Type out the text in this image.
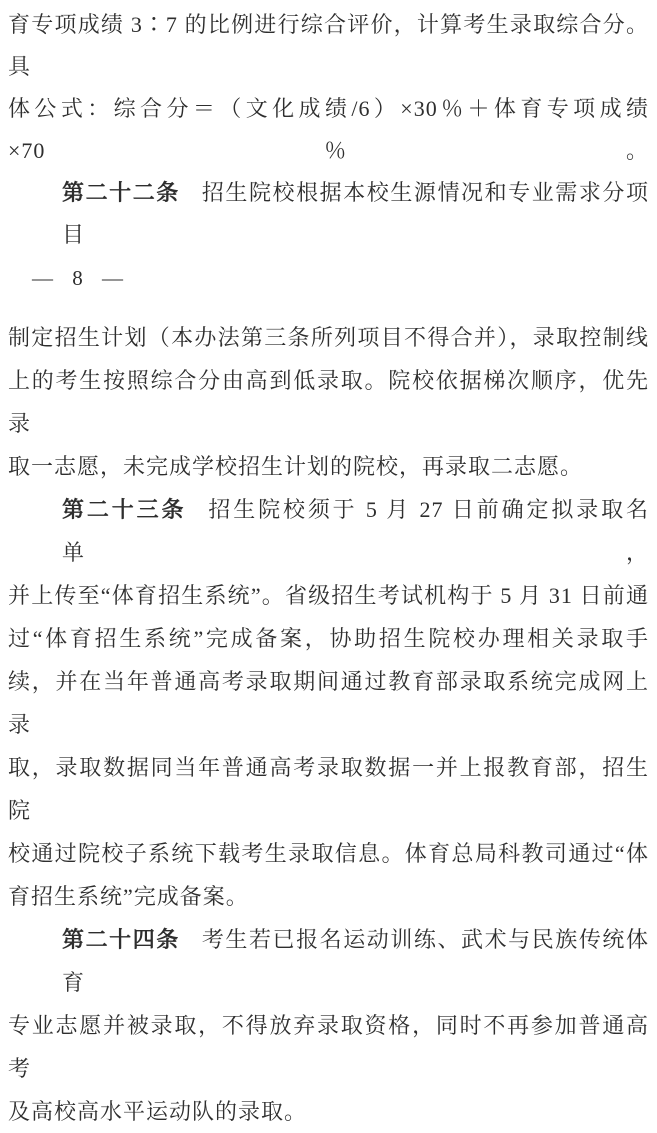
育专项成绩 3∶7 的比例进行综合评价，计算考生录取综合分。具
体公式：综合分＝（文化成绩/6）×30％＋体育专项成绩×70％。
第二十二条 招生院校根据本校生源情况和专业需求分项目
— 8 —
制定招生计划（本办法第三条所列项目不得合并），录取控制线
上的考生按照综合分由高到低录取。院校依据梯次顺序，优先录
取一志愿，未完成学校招生计划的院校，再录取二志愿。
第二十三条 招生院校须于 5 月 27 日前确定拟录取名单，
并上传至“体育招生系统”。省级招生考试机构于 5 月 31 日前通
过“体育招生系统”完成备案，协助招生院校办理相关录取手
续，并在当年普通高考录取期间通过教育部录取系统完成网上录
取，录取数据同当年普通高考录取数据一并上报教育部，招生院
校通过院校子系统下载考生录取信息。体育总局科教司通过“体
育招生系统”完成备案。
第二十四条 考生若已报名运动训练、武术与民族传统体育
专业志愿并被录取，不得放弃录取资格，同时不再参加普通高考
及高校高水平运动队的录取。
